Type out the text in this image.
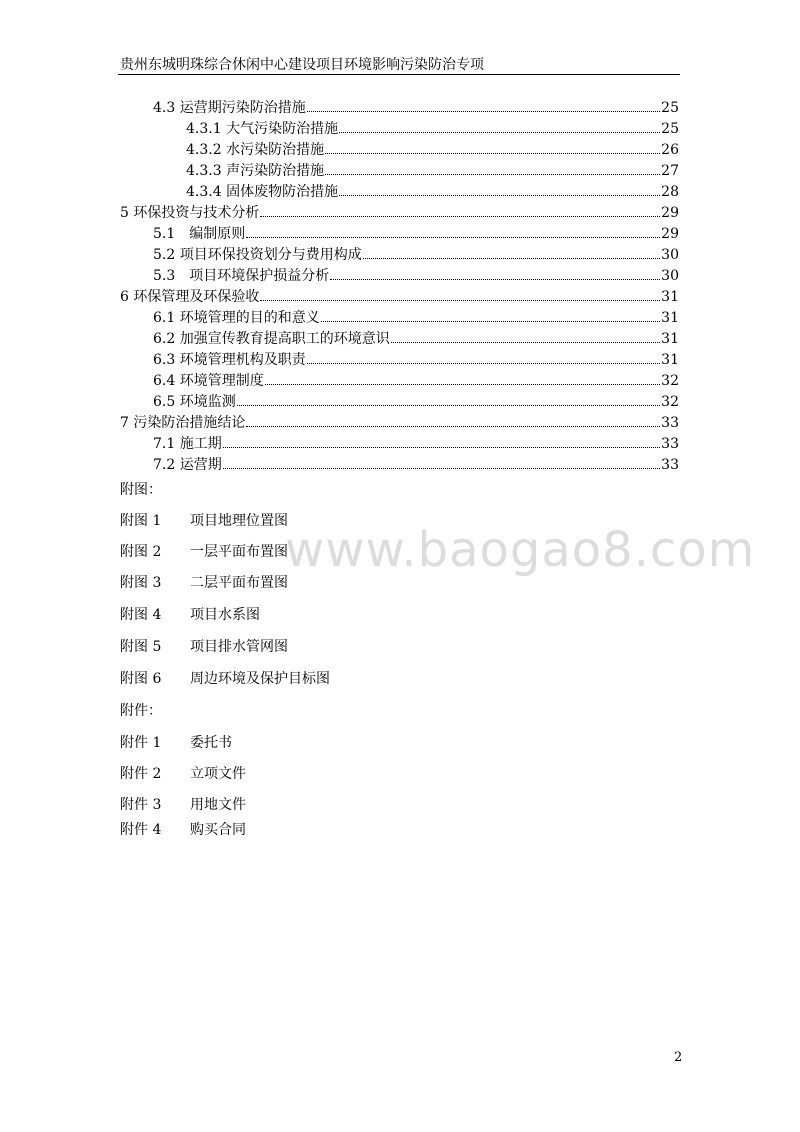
贵州东城明珠综合休闲中心建设项目环境影响污染防治专项
4.3 运营期污染防治措施	25
4.3.1 大气污染防治措施	25
4.3.2 水污染防治措施	26
4.3.3 声污染防治措施	27
4.3.4 固体废物防治措施	28
5 环保投资与技术分析	29
5.1　编制原则	29
5.2 项目环保投资划分与费用构成	30
5.3　项目环境保护损益分析	30
6 环保管理及环保验收	31
6.1 环境管理的目的和意义	31
6.2 加强宣传教育提高职工的环境意识	31
6.3 环境管理机构及职责	31
6.4 环境管理制度	32
6.5 环境监测	32
7 污染防治措施结论	33
7.1 施工期	33
7.2 运营期	33
附图：
附图 1 项目地理位置图
附图 2 一层平面布置图
附图 3 二层平面布置图
附图 4 项目水系图
附图 5 项目排水管网图
附图 6 周边环境及保护目标图
附件：
附件 1 委托书
附件 2 立项文件
附件 3 用地文件
附件 4 购买合同
www.baogao8.com
2
